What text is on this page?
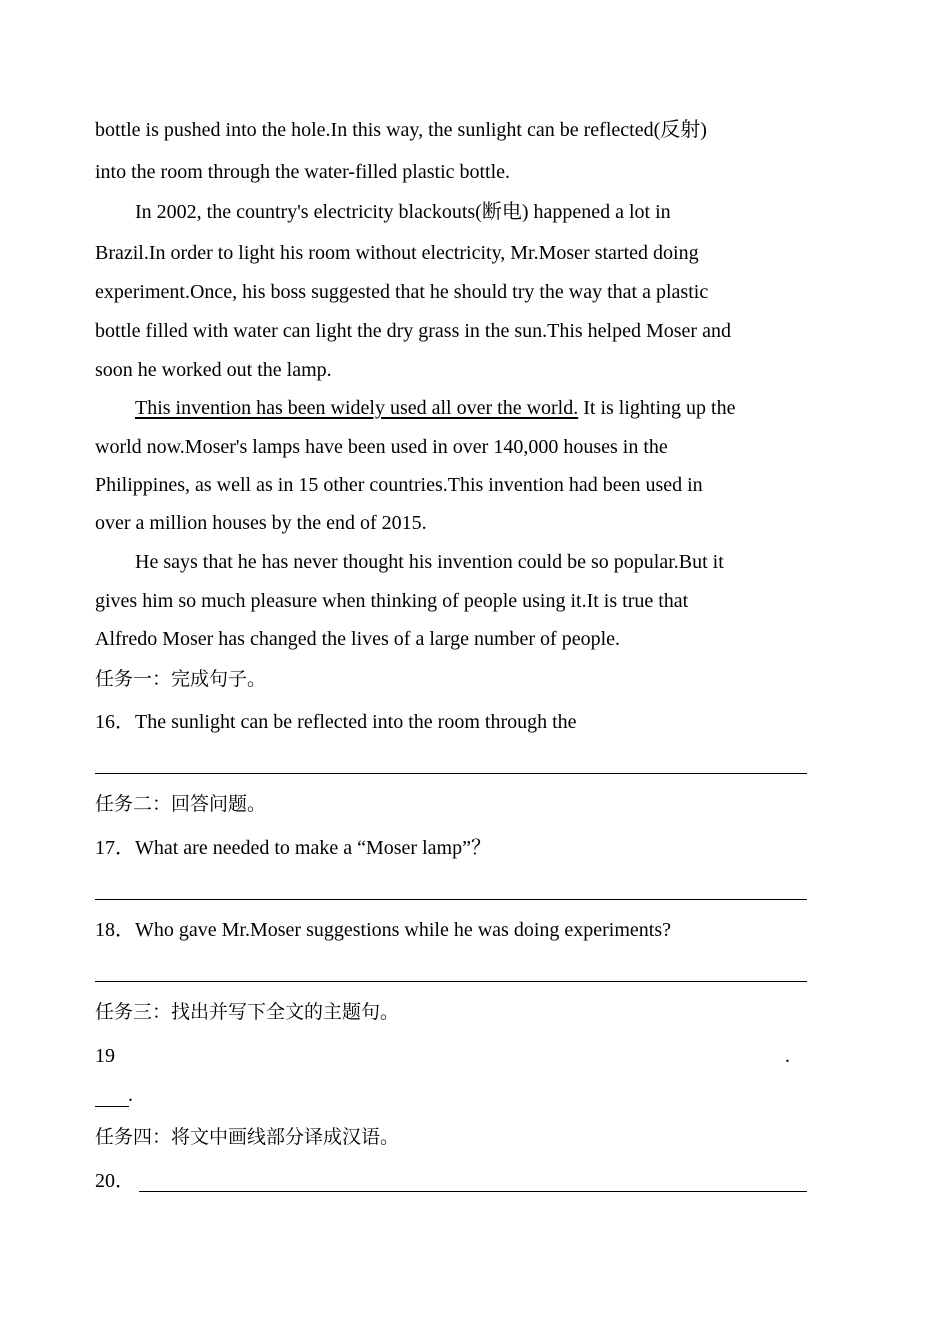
bottle is pushed into the hole.In this way, the sunlight can be reflected(反射)
into the room through the water-filled plastic bottle.
In 2002, the country's electricity blackouts(断电) happened a lot in
Brazil.In order to light his room without electricity, Mr.Moser started doing
experiment.Once, his boss suggested that he should try the way that a plastic
bottle filled with water can light the dry grass in the sun.This helped Moser and
soon he worked out the lamp.
This invention has been widely used all over the world. It is lighting up the
world now.Moser's lamps have been used in over 140,000 houses in the
Philippines, as well as in 15 other countries.This invention had been used in
over a million houses by the end of 2015.
He says that he has never thought his invention could be so popular.But it
gives him so much pleasure when thinking of people using it.It is true that
Alfredo Moser has changed the lives of a large number of people.
任务一：完成句子。
16．The sunlight can be reflected into the room through the
任务二：回答问题。
17．What are needed to make a “Moser lamp”？
18．Who gave Mr.Moser suggestions while he was doing experiments?
任务三：找出并写下全文的主题句。
19	.
.
任务四：将文中画线部分译成汉语。
20．
